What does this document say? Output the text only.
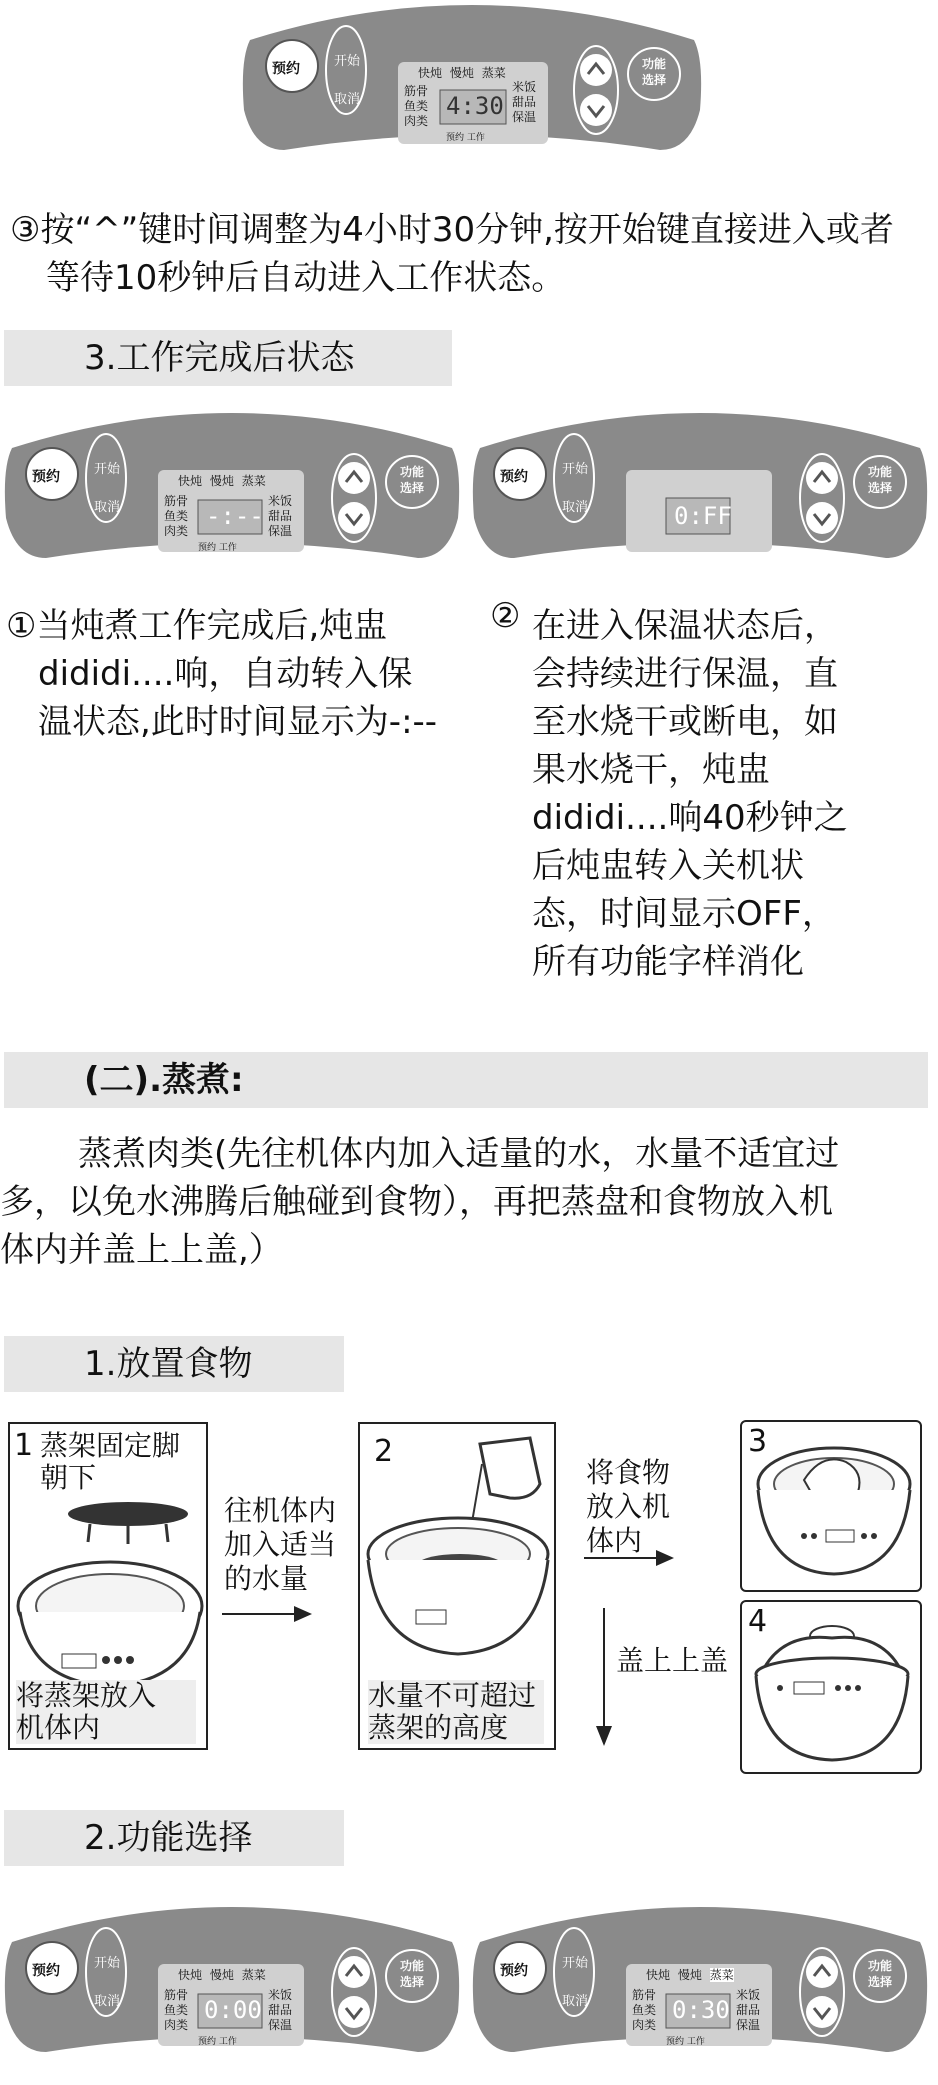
预约	开始
取消
快炖 慢炖 蒸菜
筋骨
鱼类
肉类
米饭
甜品
保温
4:30
预约 工作
功能
选择
营养隔水炖
③按“^”键时间调整为4小时30分钟,按开始键直接进入或者
等待10秒钟后自动进入工作状态。
3.工作完成后状态
预约	开始
取消
快炖 慢炖 蒸菜
筋骨
鱼类
肉类
米饭
甜品
保温
-:--
预约 工作
功能
选择
营养隔水炖
预约	开始
取消	0:FF
功能
选择
营养隔水炖
①当炖煮工作完成后,炖盅
dididi....响，自动转入保
温状态,此时时间显示为-:--
② 在进入保温状态后，
会持续进行保温，直
至水烧干或断电，如
果水烧干，炖盅
dididi....响40秒钟之
后炖盅转入关机状
态，时间显示OFF，
所有功能字样消化
(二).蒸煮:
蒸煮肉类(先往机体内加入适量的水，水量不适宜过
多，以免水沸腾后触碰到食物），再把蒸盘和食物放入机
体内并盖上上盖,）
1.放置食物
1 蒸架固定脚
朝下
将蒸架放入
机体内
往机体内
加入适当
的水量
2
水量不可超过
蒸架的高度
将食物
放入机
体内
3
盖上上盖
4
2.功能选择
预约	开始
取消
快炖 慢炖 蒸菜
筋骨
鱼类
肉类
米饭
甜品
保温
0:00
预约 工作
功能
选择
营养隔水炖
预约	开始
取消
快炖 慢炖 蒸菜
筋骨
鱼类
肉类
米饭
甜品
保温
0:30
预约 工作
功能
选择
营养隔水炖
